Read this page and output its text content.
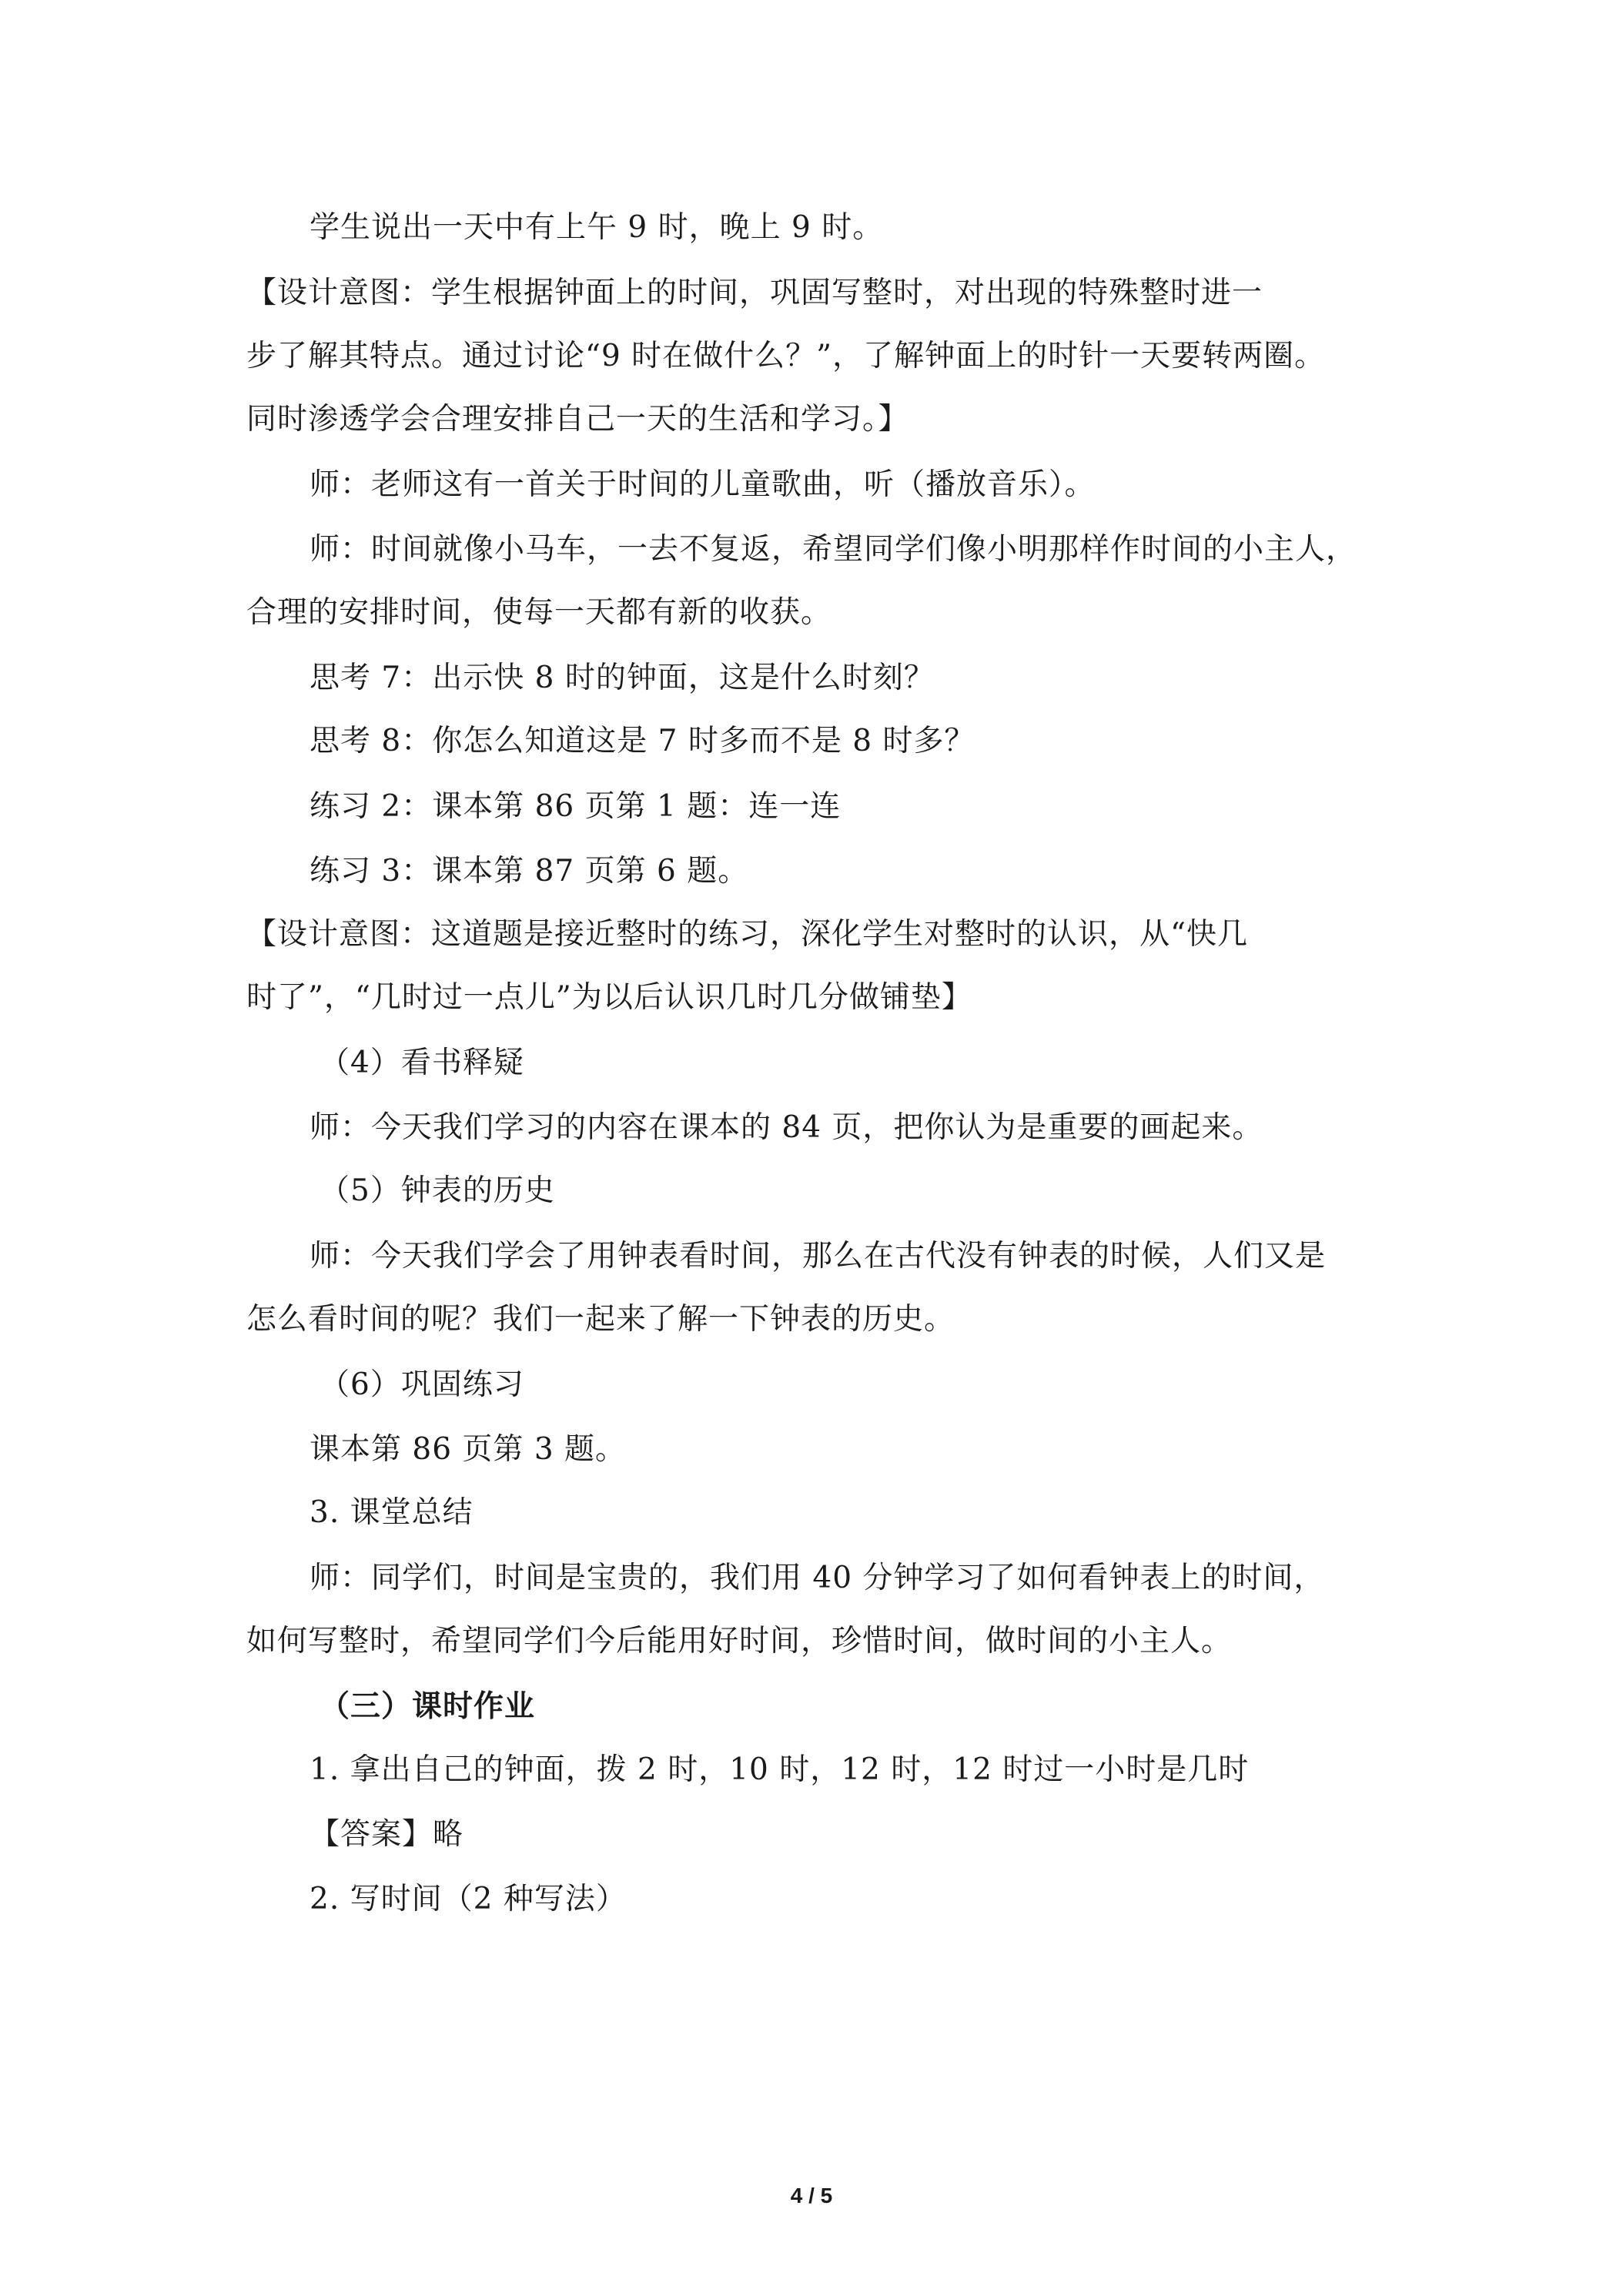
学生说出一天中有上午 9 时，晚上 9 时。
【设计意图：学生根据钟面上的时间，巩固写整时，对出现的特殊整时进一
步了解其特点。通过讨论“9 时在做什么？”，了解钟面上的时针一天要转两圈。
同时渗透学会合理安排自己一天的生活和学习。】
师：老师这有一首关于时间的儿童歌曲，听（播放音乐）。
师：时间就像小马车，一去不复返，希望同学们像小明那样作时间的小主人，
合理的安排时间，使每一天都有新的收获。
思考 7：出示快 8 时的钟面，这是什么时刻？
思考 8：你怎么知道这是 7 时多而不是 8 时多？
练习 2：课本第 86 页第 1 题：连一连
练习 3：课本第 87 页第 6 题。
【设计意图：这道题是接近整时的练习，深化学生对整时的认识，从“快几
时了”，“几时过一点儿”为以后认识几时几分做铺垫】
（4）看书释疑
师：今天我们学习的内容在课本的 84 页，把你认为是重要的画起来。
（5）钟表的历史
师：今天我们学会了用钟表看时间，那么在古代没有钟表的时候，人们又是
怎么看时间的呢？我们一起来了解一下钟表的历史。
（6）巩固练习
课本第 86 页第 3 题。
3. 课堂总结
师：同学们，时间是宝贵的，我们用 40 分钟学习了如何看钟表上的时间，
如何写整时，希望同学们今后能用好时间，珍惜时间，做时间的小主人。
（三）课时作业
1. 拿出自己的钟面，拨 2 时，10 时，12 时，12 时过一小时是几时
【答案】略
2. 写时间（2 种写法）
4 / 5
